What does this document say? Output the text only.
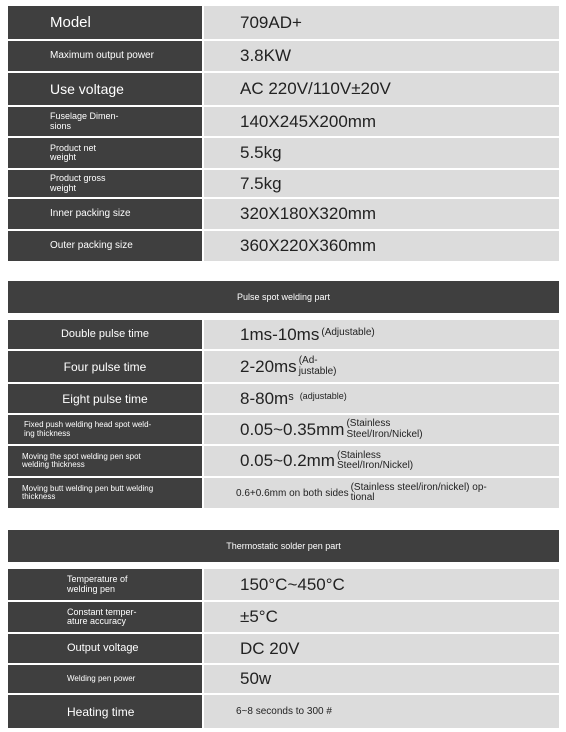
Model	709AD+
Maximum output power	3.8KW
Use voltage	AC 220V/110V±20V
Fuselage Dimen-
sions	140X245X200mm
Product net
weight	5.5kg
Product gross
weight	7.5kg
Inner packing size	320X180X320mm
Outer packing size	360X220X360mm
Pulse spot welding part
Double pulse time	1ms-10ms (Adjustable)
Four pulse time	2-20ms (Ad-
justable)
Eight pulse time	8-80m s (adjustable)
Fixed push welding head spot weld-
ing thickness	0.05~0.35mm (Stainless
Steel/Iron/Nickel)
Moving the spot welding pen spot
welding thickness	0.05~0.2mm (Stainless
Steel/Iron/Nickel)
Moving butt welding pen butt welding
thickness	0.6+0.6mm on both sides
(Stainless steel/iron/nickel) op-
tional
Thermostatic solder pen part
Temperature of
welding pen	150°C~450°C
Constant temper-
ature accuracy	±5°C
Output voltage	DC 20V
Welding pen power	50w
Heating time	6~8 seconds to 300 #
